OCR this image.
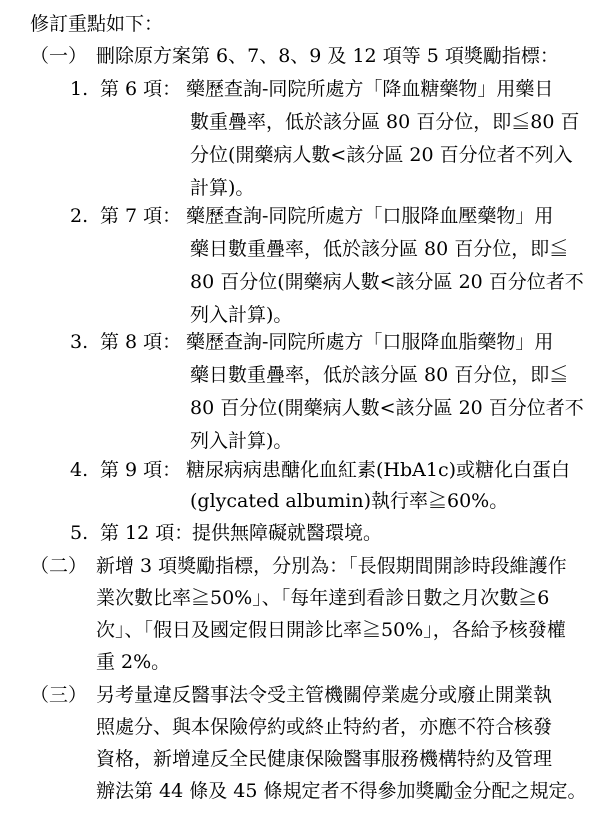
修訂重點如下：
（一） 刪除原方案第 6、7、8、9 及 12 項等 5 項獎勵指標：
1. 第 6 項： 藥歷查詢-同院所處方「降血糖藥物」用藥日
數重疊率，低於該分區 80 百分位，即≦80 百
分位(開藥病人數<該分區 20 百分位者不列入
計算)。
2. 第 7 項： 藥歷查詢-同院所處方「口服降血壓藥物」用
藥日數重疊率，低於該分區 80 百分位，即≦
80 百分位(開藥病人數<該分區 20 百分位者不
列入計算)。
3. 第 8 項： 藥歷查詢-同院所處方「口服降血脂藥物」用
藥日數重疊率，低於該分區 80 百分位，即≦
80 百分位(開藥病人數<該分區 20 百分位者不
列入計算)。
4. 第 9 項： 糖尿病病患醣化血紅素(HbA1c)或糖化白蛋白
(glycated albumin)執行率≧60%。
5. 第 12 項：
提供無障礙就醫環境。
（二） 新增 3 項獎勵指標，分別為：「長假期間開診時段維護作
業次數比率≧50%」、「每年達到看診日數之月次數≧6
次」、「假日及國定假日開診比率≧50%」，各給予核發權
重 2%。
（三） 另考量違反醫事法令受主管機關停業處分或廢止開業執
照處分、與本保險停約或終止特約者，亦應不符合核發
資格，新增違反全民健康保險醫事服務機構特約及管理
辦法第 44 條及 45 條規定者不得參加獎勵金分配之規定。
